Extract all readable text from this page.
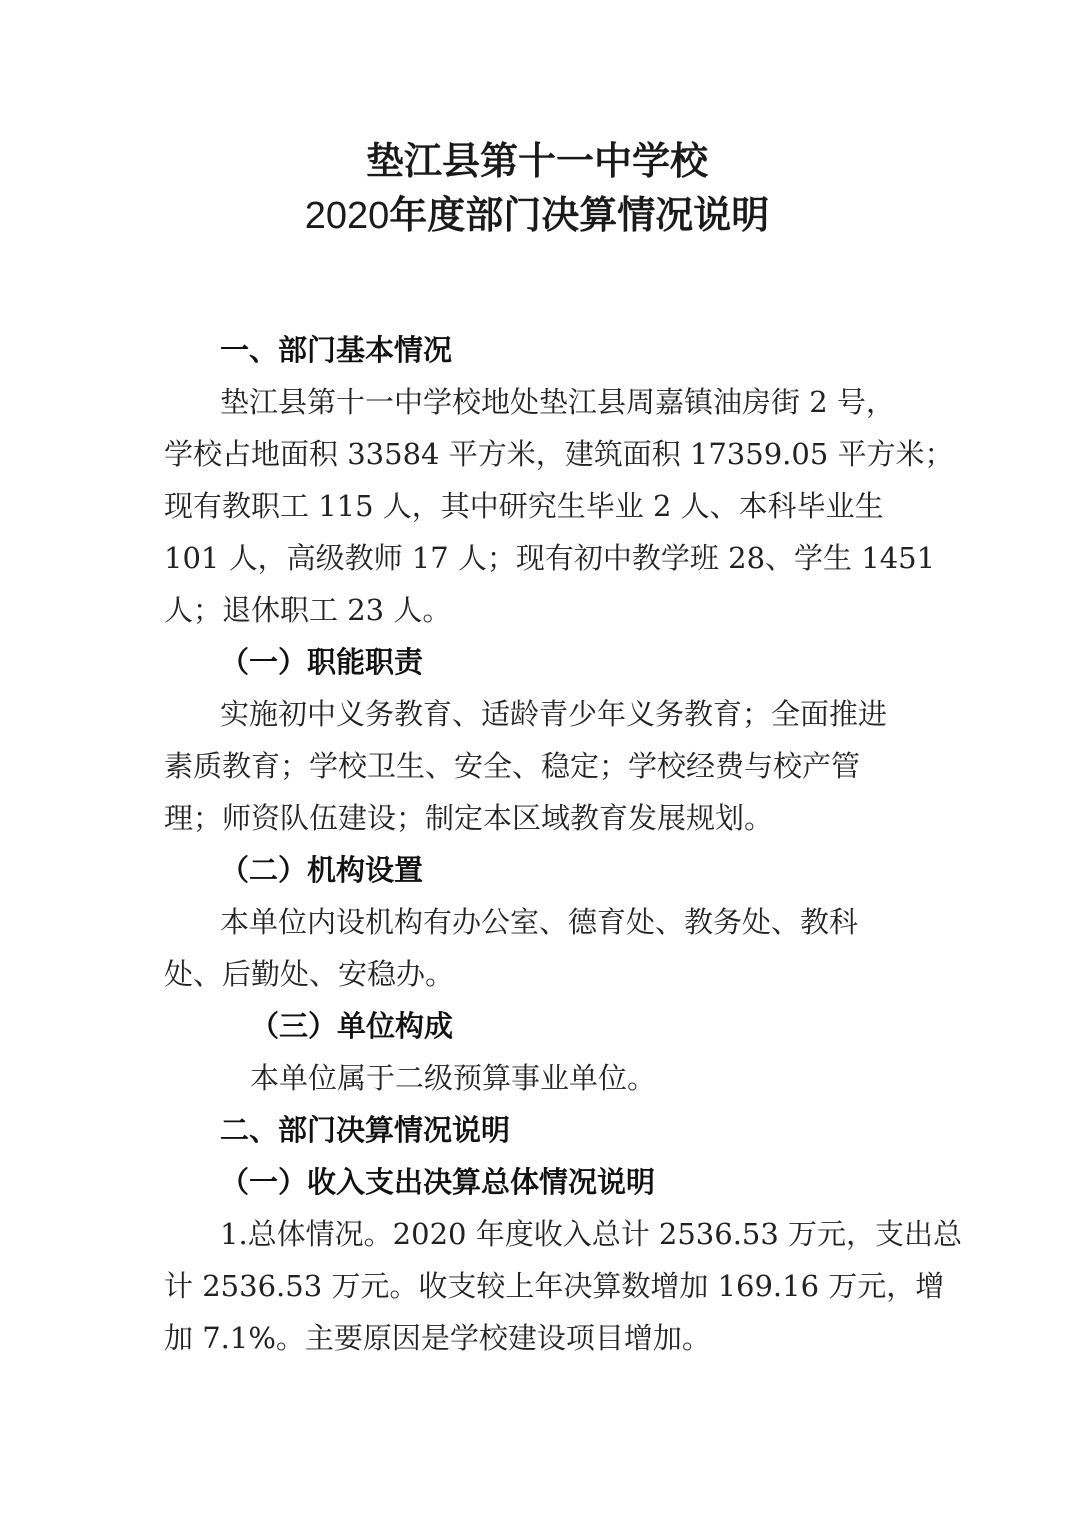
垫江县第十一中学校
2020年度部门决算情况说明
一、部门基本情况
垫江县第十一中学校地处垫江县周嘉镇油房街 2 号，
学校占地面积 33584 平方米，建筑面积 17359.05 平方米；
现有教职工 115 人，其中研究生毕业 2 人、本科毕业生
101 人，高级教师 17 人；现有初中教学班 28、学生 1451
人；退休职工 23 人。
（一）职能职责
实施初中义务教育、适龄青少年义务教育；全面推进
素质教育；学校卫生、安全、稳定；学校经费与校产管
理；师资队伍建设；制定本区域教育发展规划。
（二）机构设置
本单位内设机构有办公室、德育处、教务处、教科
处、后勤处、安稳办。
（三）单位构成
本单位属于二级预算事业单位。
二、部门决算情况说明
（一）收入支出决算总体情况说明
1.总体情况。2020 年度收入总计 2536.53 万元，支出总
计 2536.53 万元。收支较上年决算数增加 169.16 万元，增
加 7.1%。主要原因是学校建设项目增加。
